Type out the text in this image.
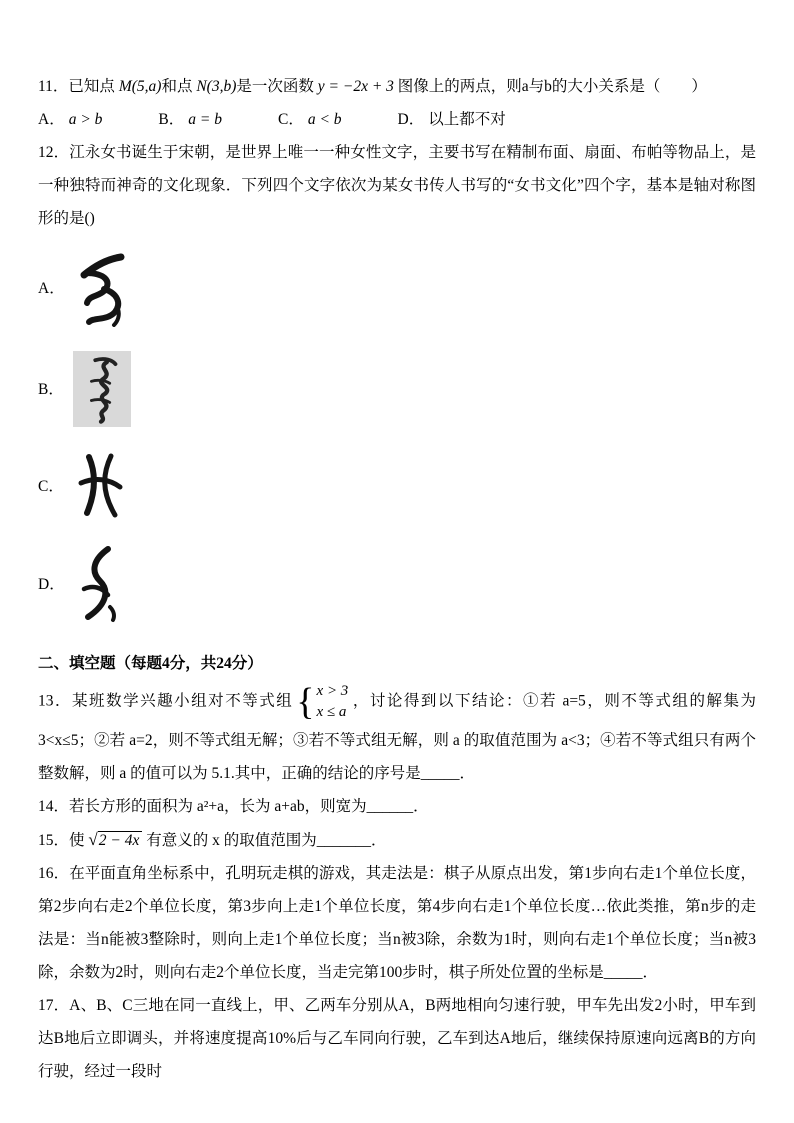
11．已知点 M(5,a)和点 N(3,b)是一次函数 y = −2x + 3 图像上的两点，则a与b的大小关系是（　　）

A． a > b	B． a = b	C． a < b	D． 以上都不对

12．江永女书诞生于宋朝，是世界上唯一一种女性文字，主要书写在精制布面、扇面、布帕等物品上，是一种独特而神奇的文化现象．下列四个文字依次为某女书传人书写的“女书文化”四个字，基本是轴对称图形的是()

A．
B．
C．
D．

二、填空题（每题4分，共24分）

13．某班数学兴趣小组对不等式组 { x > 3
x ≤ a
，讨论得到以下结论：①若 a=5，则不等式组的解集为 3<x≤5；②若 a=2，则不等式组无解；③若不等式组无解，则 a 的取值范围为 a<3；④若不等式组只有两个整数解，则 a 的值可以为 5.1.其中，正确的结论的序号是_____．

14．若长方形的面积为 a²+a，长为 a+ab，则宽为______．

15．使 √2 − 4x 有意义的 x 的取值范围为_______．

16．在平面直角坐标系中，孔明玩走棋的游戏，其走法是：棋子从原点出发，第1步向右走1个单位长度，第2步向右走2个单位长度，第3步向上走1个单位长度，第4步向右走1个单位长度…依此类推，第n步的走法是：当n能被3整除时，则向上走1个单位长度；当n被3除，余数为1时，则向右走1个单位长度；当n被3除，余数为2时，则向右走2个单位长度，当走完第100步时，棋子所处位置的坐标是_____．

17．A、B、C三地在同一直线上，甲、乙两车分别从A，B两地相向匀速行驶，甲车先出发2小时，甲车到达B地后立即调头，并将速度提高10%后与乙车同向行驶，乙车到达A地后，继续保持原速向远离B的方向行驶，经过一段时
